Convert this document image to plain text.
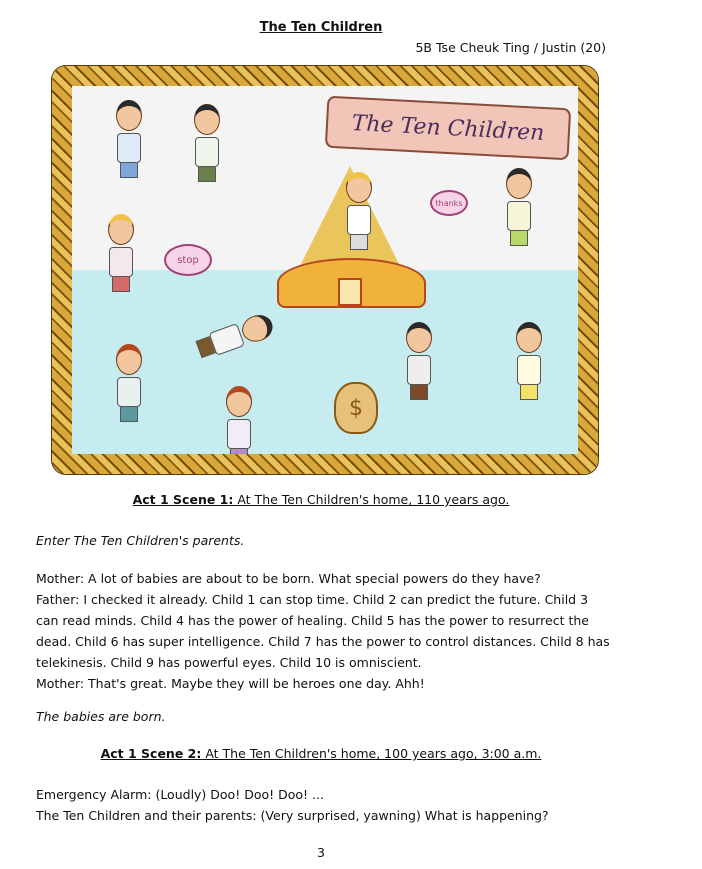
The Ten Children
5B Tse Cheuk Ting / Justin (20)
The Ten Children
stop
thanks
$
Act 1 Scene 1: At The Ten Children's home, 110 years ago.
Enter The Ten Children's parents.
Mother: A lot of babies are about to be born. What special powers do they have?
Father: I checked it already. Child 1 can stop time. Child 2 can predict the future. Child 3
can read minds. Child 4 has the power of healing. Child 5 has the power to resurrect the
dead. Child 6 has super intelligence. Child 7 has the power to control distances. Child 8 has
telekinesis. Child 9 has powerful eyes. Child 10 is omniscient.
Mother: That's great. Maybe they will be heroes one day. Ahh!
The babies are born.
Act 1 Scene 2: At The Ten Children's home, 100 years ago, 3:00 a.m.
Emergency Alarm: (Loudly) Doo! Doo! Doo! ...
The Ten Children and their parents: (Very surprised, yawning) What is happening?
3
